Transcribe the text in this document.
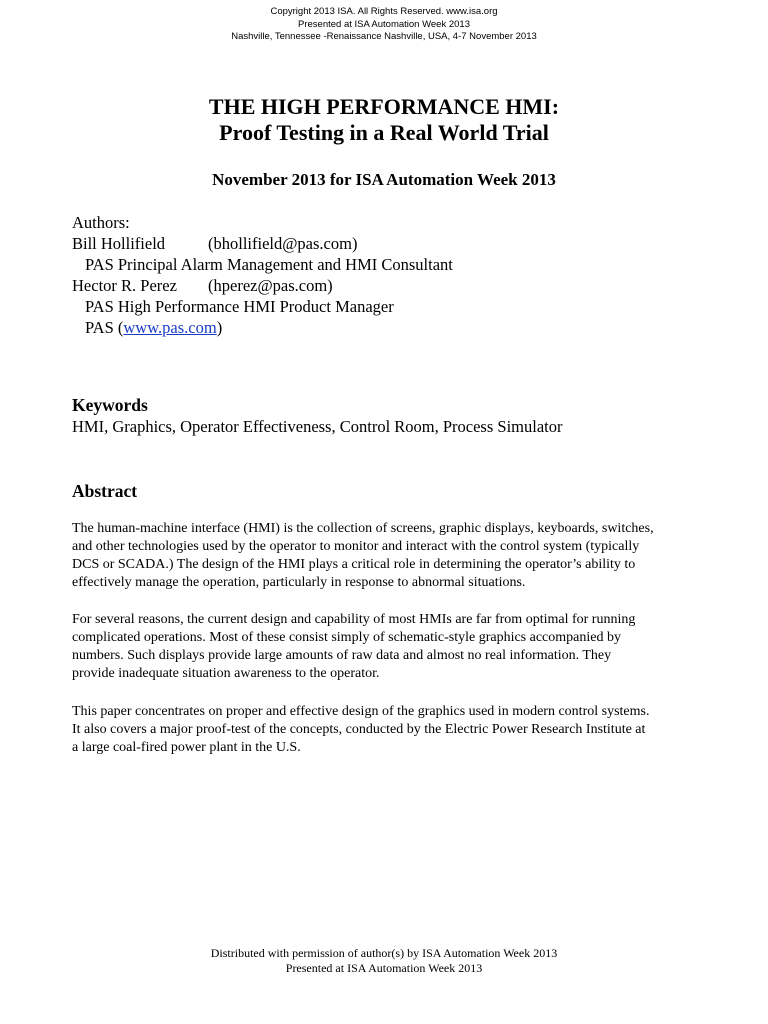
Copyright 2013 ISA. All Rights Reserved. www.isa.org
Presented at ISA Automation Week 2013
Nashville, Tennessee -Renaissance Nashville, USA, 4-7 November 2013
THE HIGH PERFORMANCE HMI:
Proof Testing in a Real World Trial
November 2013 for ISA Automation Week 2013
Authors:
Bill Hollifield	(bhollifield@pas.com)
PAS Principal Alarm Management and HMI Consultant
Hector R. Perez (hperez@pas.com)
PAS High Performance HMI Product Manager
PAS (www.pas.com)
Keywords
HMI, Graphics, Operator Effectiveness, Control Room, Process Simulator
Abstract
The human-machine interface (HMI) is the collection of screens, graphic displays, keyboards, switches,
and other technologies used by the operator to monitor and interact with the control system (typically
DCS or SCADA.) The design of the HMI plays a critical role in determining the operator’s ability to
effectively manage the operation, particularly in response to abnormal situations.
For several reasons, the current design and capability of most HMIs are far from optimal for running
complicated operations. Most of these consist simply of schematic-style graphics accompanied by
numbers. Such displays provide large amounts of raw data and almost no real information. They
provide inadequate situation awareness to the operator.
This paper concentrates on proper and effective design of the graphics used in modern control systems.
It also covers a major proof-test of the concepts, conducted by the Electric Power Research Institute at
a large coal-fired power plant in the U.S.
Distributed with permission of author(s) by ISA Automation Week 2013
Presented at ISA Automation Week 2013
